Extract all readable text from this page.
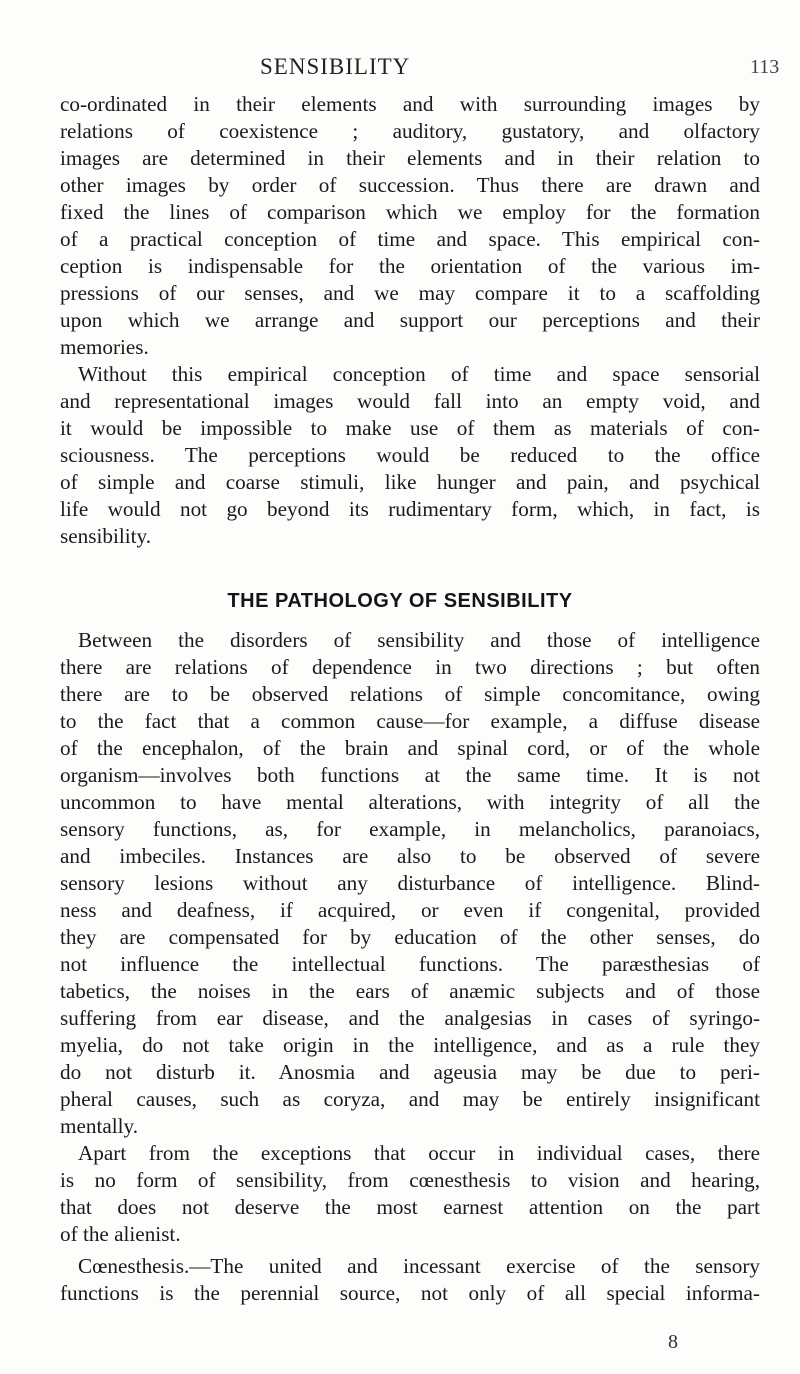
SENSIBILITY	113
co-ordinated in their elements and with surrounding images by
relations of coexistence ; auditory, gustatory, and olfactory
images are determined in their elements and in their relation to
other images by order of succession. Thus there are drawn and
fixed the lines of comparison which we employ for the formation
of a practical conception of time and space. This empirical con-
ception is indispensable for the orientation of the various im-
pressions of our senses, and we may compare it to a scaffolding
upon which we arrange and support our perceptions and their
memories.
Without this empirical conception of time and space sensorial
and representational images would fall into an empty void, and
it would be impossible to make use of them as materials of con-
sciousness. The perceptions would be reduced to the office
of simple and coarse stimuli, like hunger and pain, and psychical
life would not go beyond its rudimentary form, which, in fact, is
sensibility.
THE PATHOLOGY OF SENSIBILITY
Between the disorders of sensibility and those of intelligence
there are relations of dependence in two directions ; but often
there are to be observed relations of simple concomitance, owing
to the fact that a common cause—for example, a diffuse disease
of the encephalon, of the brain and spinal cord, or of the whole
organism—involves both functions at the same time. It is not
uncommon to have mental alterations, with integrity of all the
sensory functions, as, for example, in melancholics, paranoiacs,
and imbeciles. Instances are also to be observed of severe
sensory lesions without any disturbance of intelligence. Blind-
ness and deafness, if acquired, or even if congenital, provided
they are compensated for by education of the other senses, do
not influence the intellectual functions. The paræsthesias of
tabetics, the noises in the ears of anæmic subjects and of those
suffering from ear disease, and the analgesias in cases of syringo-
myelia, do not take origin in the intelligence, and as a rule they
do not disturb it. Anosmia and ageusia may be due to peri-
pheral causes, such as coryza, and may be entirely insignificant
mentally.
Apart from the exceptions that occur in individual cases, there
is no form of sensibility, from cœnesthesis to vision and hearing,
that does not deserve the most earnest attention on the part
of the alienist.
Cœnesthesis.—The united and incessant exercise of the sensory
functions is the perennial source, not only of all special informa-
8
